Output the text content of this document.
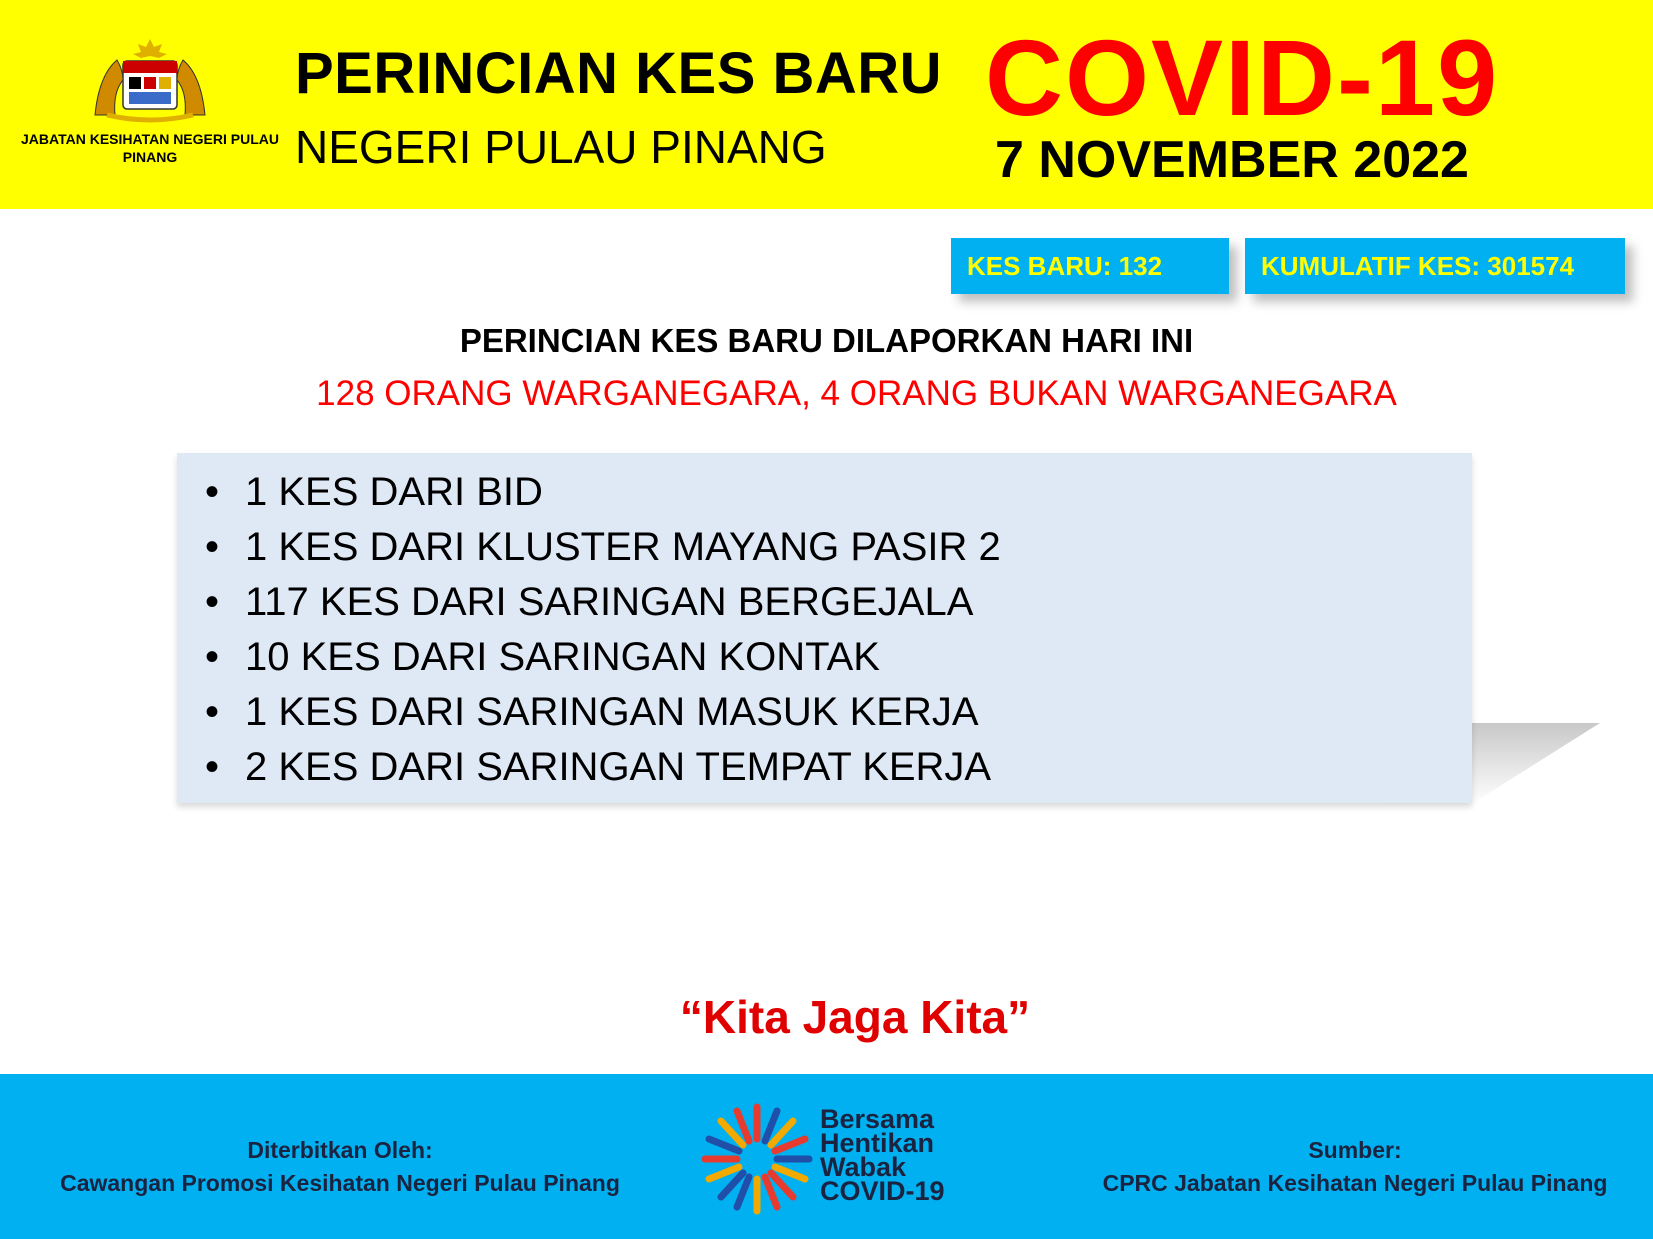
JABATAN KESIHATAN NEGERI PULAU PINANG
PERINCIAN KES BARU
NEGERI PULAU PINANG
COVID-19
7 NOVEMBER 2022
KES BARU: 132	KUMULATIF KES: 301574
PERINCIAN KES BARU DILAPORKAN HARI INI
128 ORANG WARGANEGARA, 4 ORANG BUKAN WARGANEGARA
• 1 KES DARI BID
• 1 KES DARI KLUSTER MAYANG PASIR 2
• 117 KES DARI SARINGAN BERGEJALA
• 10 KES DARI SARINGAN KONTAK
• 1 KES DARI SARINGAN MASUK KERJA
• 2 KES DARI SARINGAN TEMPAT KERJA
“Kita Jaga Kita”
Diterbitkan Oleh:
Cawangan Promosi Kesihatan Negeri Pulau Pinang
Bersama
Hentikan
Wabak
COVID-19
Sumber:
CPRC Jabatan Kesihatan Negeri Pulau Pinang
